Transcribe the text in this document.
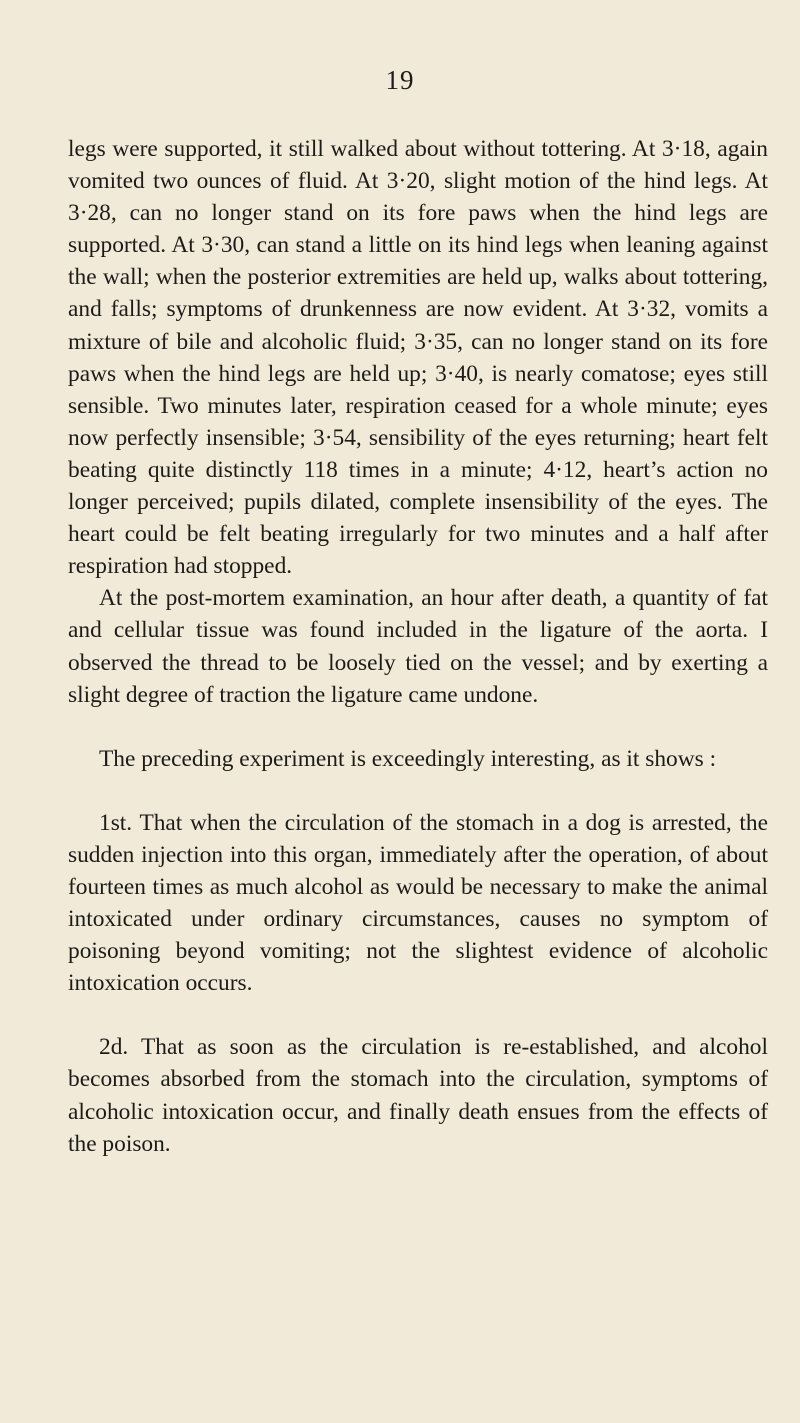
19

legs were supported, it still walked about without tottering. At 3·18, again vomited two ounces of fluid. At 3·20, slight motion of the hind legs. At 3·28, can no longer stand on its fore paws when the hind legs are supported. At 3·30, can stand a little on its hind legs when leaning against the wall; when the posterior extremities are held up, walks about tottering, and falls; symptoms of drunkenness are now evident. At 3·32, vomits a mixture of bile and alcoholic fluid; 3·35, can no longer stand on its fore paws when the hind legs are held up; 3·40, is nearly comatose; eyes still sensible. Two minutes later, respiration ceased for a whole minute; eyes now perfectly insensible; 3·54, sensibility of the eyes returning; heart felt beating quite distinctly 118 times in a minute; 4·12, heart’s action no longer perceived; pupils dilated, complete insensibility of the eyes. The heart could be felt beating irregularly for two minutes and a half after respiration had stopped.

At the post-mortem examination, an hour after death, a quantity of fat and cellular tissue was found included in the ligature of the aorta. I observed the thread to be loosely tied on the vessel; and by exerting a slight degree of traction the ligature came undone.

The preceding experiment is exceedingly interesting, as it shows :

1st. That when the circulation of the stomach in a dog is arrested, the sudden injection into this organ, immediately after the operation, of about fourteen times as much alcohol as would be necessary to make the animal intoxicated under ordinary circumstances, causes no symptom of poisoning beyond vomiting; not the slightest evidence of alcoholic intoxication occurs.

2d. That as soon as the circulation is re-established, and alcohol becomes absorbed from the stomach into the circulation, symptoms of alcoholic intoxication occur, and finally death ensues from the effects of the poison.
